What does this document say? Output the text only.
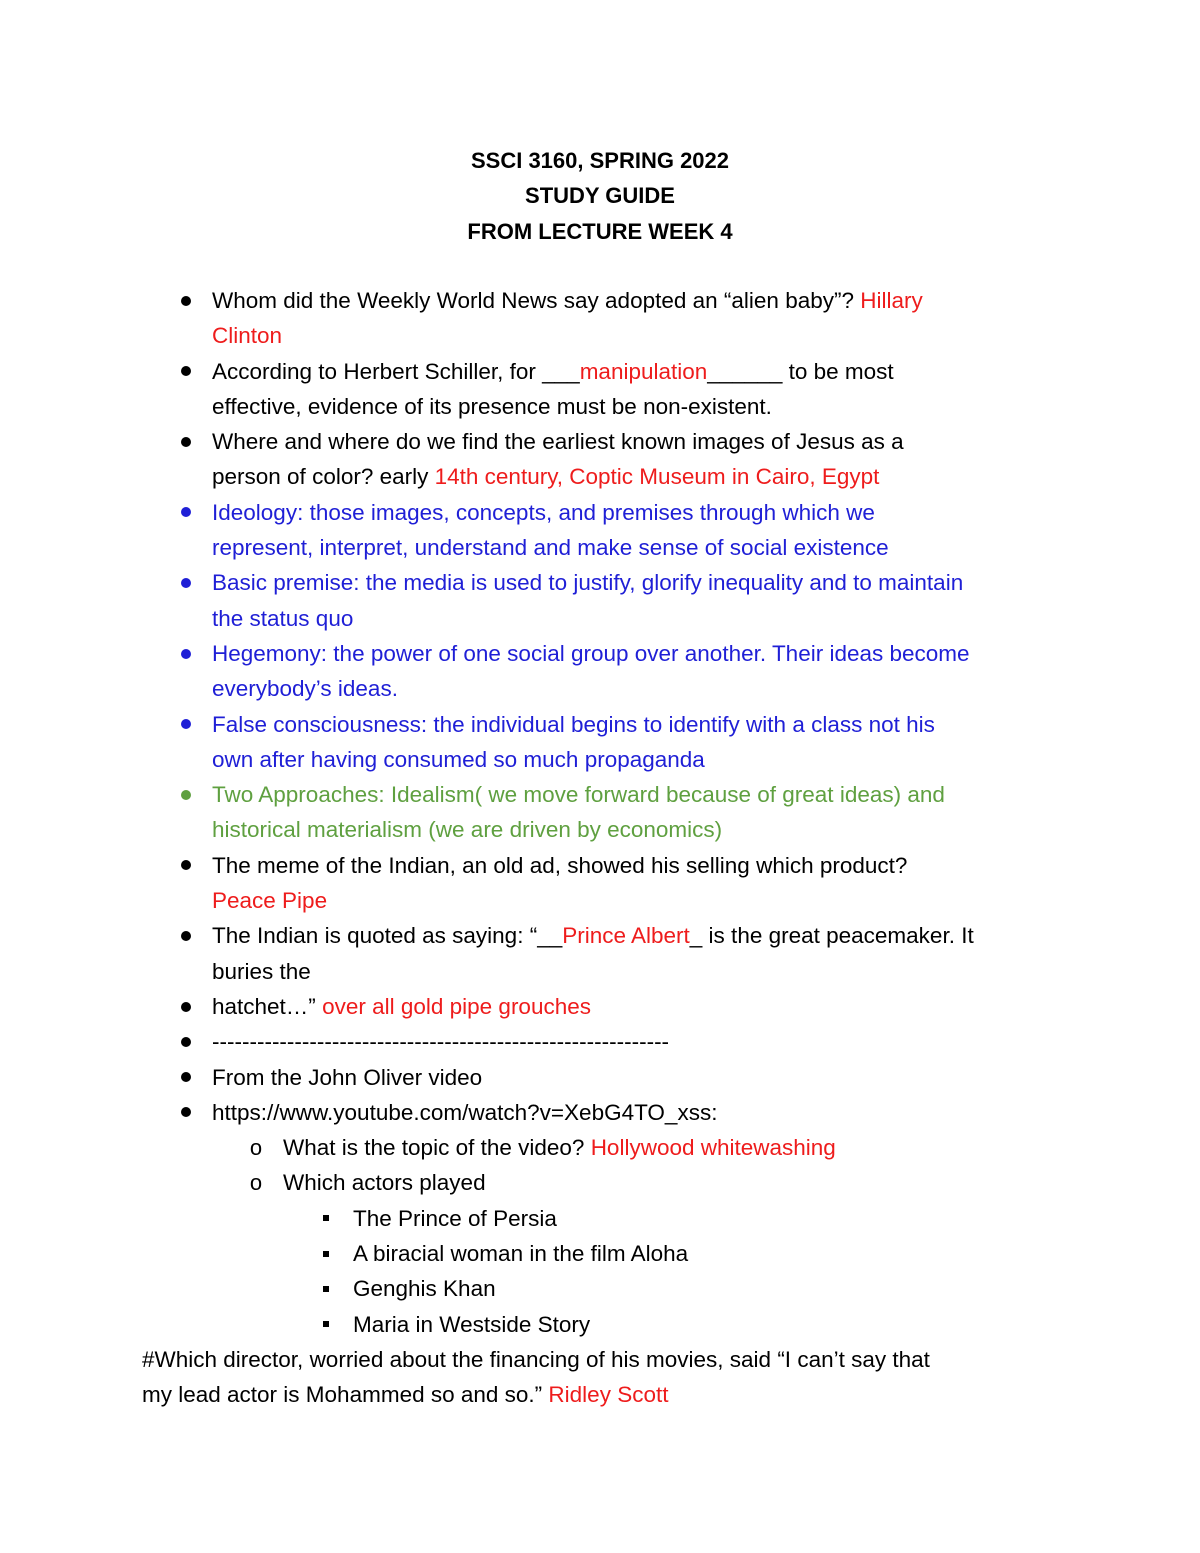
SSCI 3160, SPRING 2022
STUDY GUIDE
FROM LECTURE WEEK 4
Whom did the Weekly World News say adopted an “alien baby”? Hillary
Clinton
According to Herbert Schiller, for ___manipulation______ to be most
effective, evidence of its presence must be non-existent.
Where and where do we find the earliest known images of Jesus as a
person of color? early 14th century, Coptic Museum in Cairo, Egypt
Ideology: those images, concepts, and premises through which we
represent, interpret, understand and make sense of social existence
Basic premise: the media is used to justify, glorify inequality and to maintain
the status quo
Hegemony: the power of one social group over another. Their ideas become
everybody’s ideas.
False consciousness: the individual begins to identify with a class not his
own after having consumed so much propaganda
Two Approaches: Idealism( we move forward because of great ideas) and
historical materialism (we are driven by economics)
The meme of the Indian, an old ad, showed his selling which product?
Peace Pipe
The Indian is quoted as saying: “__Prince Albert_ is the great peacemaker. It
buries the
hatchet…” over all gold pipe grouches
-------------------------------------------------------------
From the John Oliver video
https://www.youtube.com/watch?v=XebG4TO_xss:
o What is the topic of the video? Hollywood whitewashing
o Which actors played
The Prince of Persia
A biracial woman in the film Aloha
Genghis Khan
Maria in Westside Story
#Which director, worried about the financing of his movies, said “I can’t say that
my lead actor is Mohammed so and so.” Ridley Scott
